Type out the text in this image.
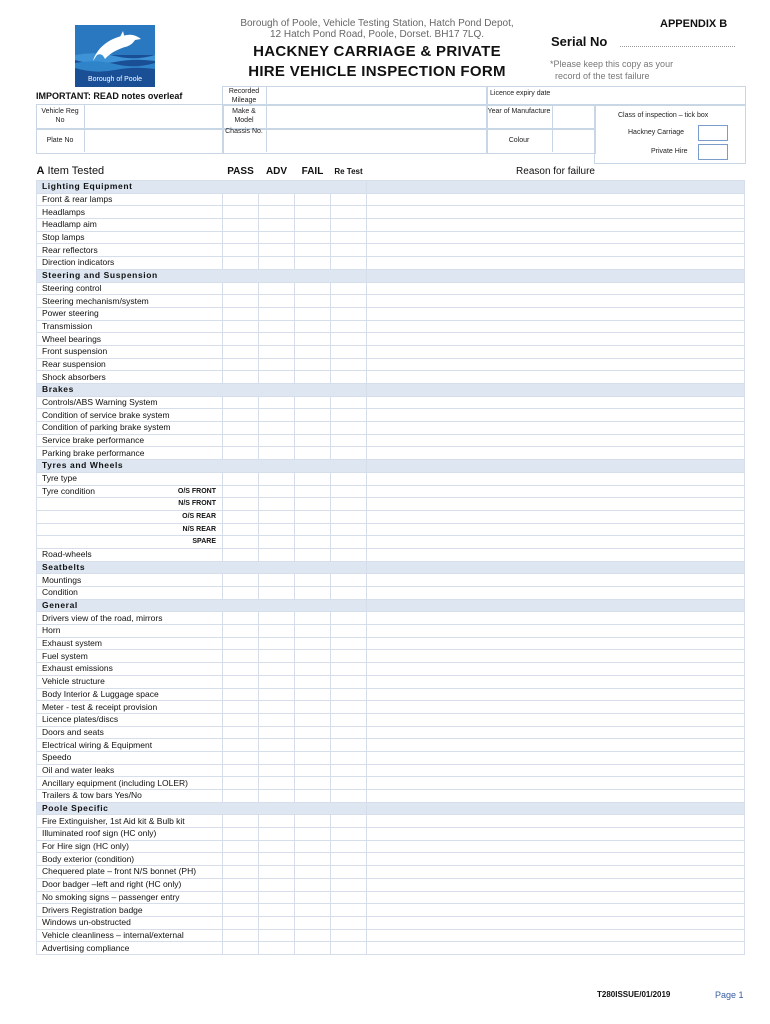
Borough of Poole, Vehicle Testing Station, Hatch Pond Depot,
12 Hatch Pond Road, Poole, Dorset. BH17 7LQ.
HACKNEY CARRIAGE & PRIVATE
HIRE VEHICLE INSPECTION FORM
APPENDIX B
Serial No
*Please keep this copy as your
record of the test failure
Borough of Poole
IMPORTANT: READ notes overleaf	Recorded Mileage
Licence expiry date
Vehicle Reg No
Make & Model
Year of Manufacture
Class of inspection – tick box
Plate No
Chassis No.
Colour
Hackney Carriage
Private Hire
A Item Tested	PASS	ADV	FAIL	Re Test	Reason for failure
Lighting Equipment					
Front & rear lamps					
Headlamps					
Headlamp aim					
Stop lamps					
Rear reflectors					
Direction indicators					
Steering and Suspension					
Steering control					
Steering mechanism/system					
Power steering					
Transmission					
Wheel bearings					
Front suspension					
Rear suspension					
Shock absorbers					
Brakes					
Controls/ABS Warning System					
Condition of service brake system					
Condition of parking brake system					
Service brake performance					
Parking brake performance					
Tyres and Wheels					
Tyre type					
Tyre condition O/S FRONT					

N/S FRONT					

O/S REAR					

N/S REAR					

SPARE					

Road-wheels					
Seatbelts					
Mountings					
Condition					
General					
Drivers view of the road, mirrors					
Horn					
Exhaust system					
Fuel system					
Exhaust emissions					
Vehicle structure					
Body Interior & Luggage space					
Meter - test & receipt provision					
Licence plates/discs					
Doors and seats					
Electrical wiring & Equipment					
Speedo					
Oil and water leaks					
Ancillary equipment (including LOLER)					
Trailers & tow bars Yes/No					
Poole Specific					
Fire Extinguisher, 1st Aid kit & Bulb kit					
Illuminated roof sign (HC only)					
For Hire sign (HC only)					
Body exterior (condition)					
Chequered plate – front N/S bonnet (PH)					
Door badger –left and right (HC only)					
No smoking signs – passenger entry					
Drivers Registration badge					
Windows un-obstructed					
Vehicle cleanliness – internal/external					
Advertising compliance					
T280ISSUE/01/2019	Page 1
